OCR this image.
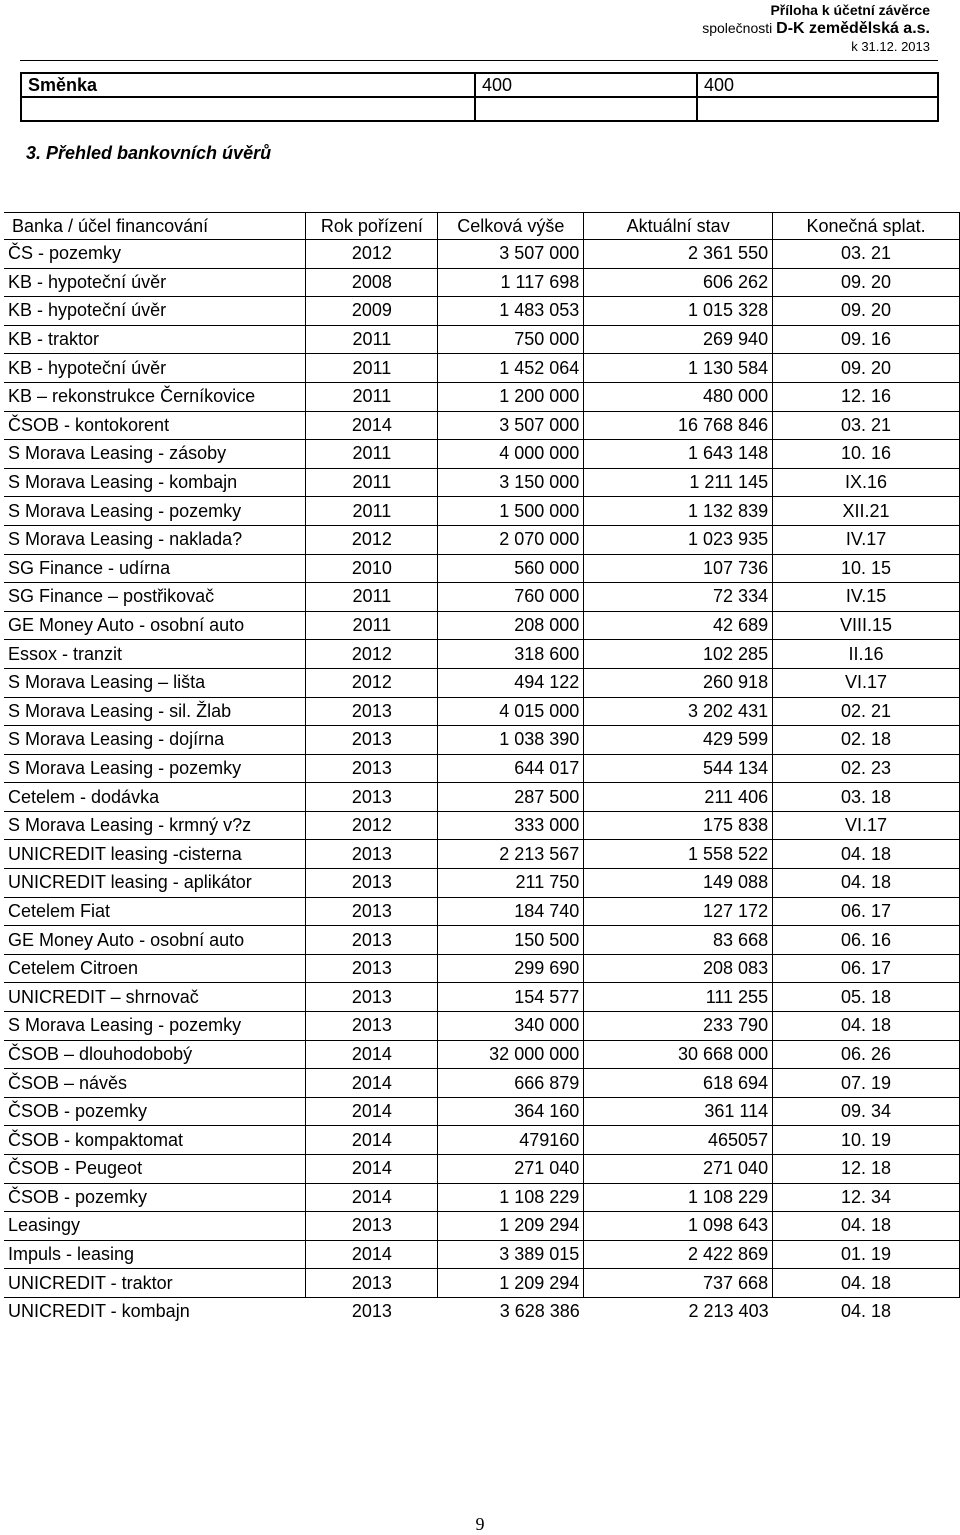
Příloha k účetní závěrce
společnosti D-K zemědělská a.s.
k 31.12. 2013
Směnka	400	400

3. Přehled bankovních úvěrů
Banka / účel financování	Rok pořízení	Celková výše	Aktuální stav	Konečná splat.
ČS - pozemky	2012	3 507 000	2 361 550	03. 21
KB - hypoteční úvěr	2008	1 117 698	606 262	09. 20
KB - hypoteční úvěr	2009	1 483 053	1 015 328	09. 20
KB - traktor	2011	750 000	269 940	09. 16
KB - hypoteční úvěr	2011	1 452 064	1 130 584	09. 20
KB – rekonstrukce Černíkovice	2011	1 200 000	480 000	12. 16
ČSOB - kontokorent	2014	3 507 000	16 768 846	03. 21
S Morava Leasing - zásoby	2011	4 000 000	1 643 148	10. 16
S Morava Leasing - kombajn	2011	3 150 000	1 211 145	IX.16
S Morava Leasing - pozemky	2011	1 500 000	1 132 839	XII.21
S Morava Leasing - naklada?	2012	2 070 000	1 023 935	IV.17
SG Finance - udírna	2010	560 000	107 736	10. 15
SG Finance – postřikovač	2011	760 000	72 334	IV.15
GE Money Auto - osobní auto	2011	208 000	42 689	VIII.15
Essox - tranzit	2012	318 600	102 285	II.16
S Morava Leasing – lišta	2012	494 122	260 918	VI.17
S Morava Leasing - sil. Žlab	2013	4 015 000	3 202 431	02. 21
S Morava Leasing - dojírna	2013	1 038 390	429 599	02. 18
S Morava Leasing - pozemky	2013	644 017	544 134	02. 23
Cetelem - dodávka	2013	287 500	211 406	03. 18
S Morava Leasing - krmný v?z	2012	333 000	175 838	VI.17
UNICREDIT leasing -cisterna	2013	2 213 567	1 558 522	04. 18
UNICREDIT leasing - aplikátor	2013	211 750	149 088	04. 18
Cetelem Fiat	2013	184 740	127 172	06. 17
GE Money Auto - osobní auto	2013	150 500	83 668	06. 16
Cetelem Citroen	2013	299 690	208 083	06. 17
UNICREDIT – shrnovač	2013	154 577	111 255	05. 18
S Morava Leasing - pozemky	2013	340 000	233 790	04. 18
ČSOB – dlouhodobobý	2014	32 000 000	30 668 000	06. 26
ČSOB – návěs	2014	666 879	618 694	07. 19
ČSOB - pozemky	2014	364 160	361 114	09. 34
ČSOB - kompaktomat	2014	479160	465057	10. 19
ČSOB - Peugeot	2014	271 040	271 040	12. 18
ČSOB - pozemky	2014	1 108 229	1 108 229	12. 34
Leasingy	2013	1 209 294	1 098 643	04. 18
Impuls - leasing	2014	3 389 015	2 422 869	01. 19
UNICREDIT - traktor	2013	1 209 294	737 668	04. 18
UNICREDIT - kombajn	2013	3 628 386	2 213 403	04. 18
9
